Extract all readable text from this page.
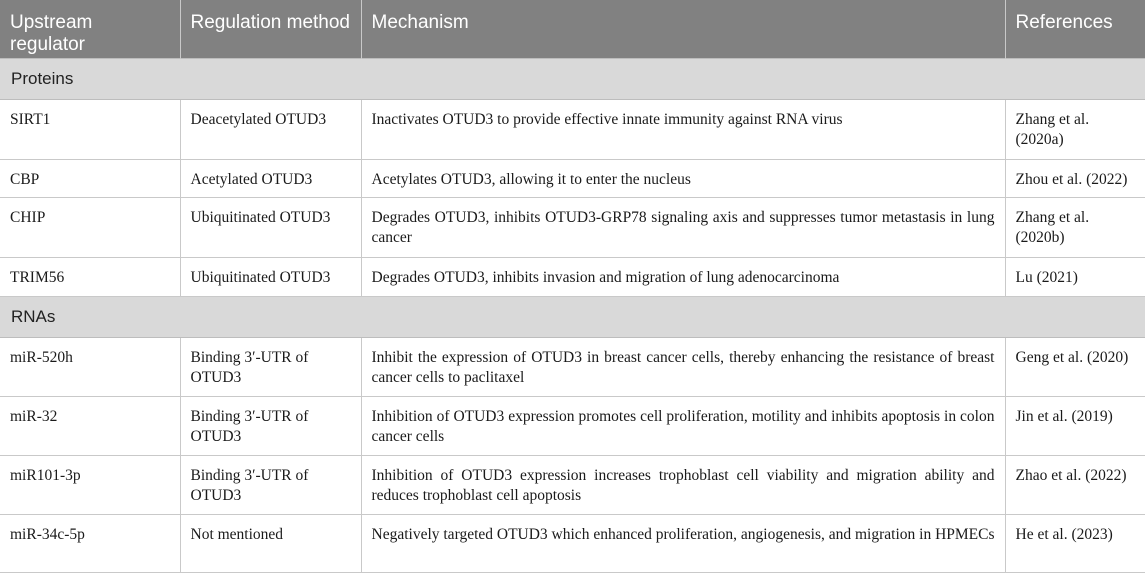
Upstream regulator	Regulation method	Mechanism	References
Proteins			
SIRT1	Deacetylated OTUD3	Inactivates OTUD3 to provide effective innate immunity against RNA virus	Zhang et al. (2020a)
CBP	Acetylated OTUD3	Acetylates OTUD3, allowing it to enter the nucleus	Zhou et al. (2022)
CHIP	Ubiquitinated OTUD3	Degrades OTUD3, inhibits OTUD3-GRP78 signaling axis and suppresses tumor metastasis in lung cancer	Zhang et al. (2020b)
TRIM56	Ubiquitinated OTUD3	Degrades OTUD3, inhibits invasion and migration of lung adenocarcinoma	Lu (2021)
RNAs			
miR-520h	Binding 3′-UTR of OTUD3	Inhibit the expression of OTUD3 in breast cancer cells, thereby enhancing the resistance of breast cancer cells to paclitaxel	Geng et al. (2020)
miR-32	Binding 3′-UTR of OTUD3	Inhibition of OTUD3 expression promotes cell proliferation, motility and inhibits apoptosis in colon cancer cells	Jin et al. (2019)
miR101-3p	Binding 3′-UTR of OTUD3	Inhibition of OTUD3 expression increases trophoblast cell viability and migration ability and reduces trophoblast cell apoptosis	Zhao et al. (2022)
miR-34c-5p	Not mentioned	Negatively targeted OTUD3 which enhanced proliferation, angiogenesis, and migration in HPMECs	He et al. (2023)
